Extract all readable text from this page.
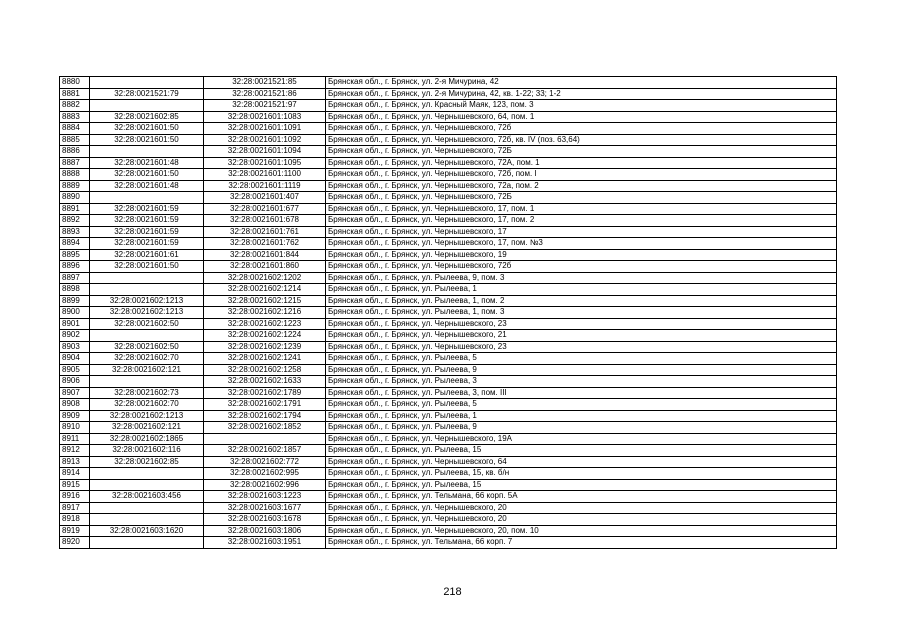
8880		32:28:0021521:85	Брянская обл., г. Брянск, ул. 2-я Мичурина, 42
8881	32:28:0021521:79	32:28:0021521:86	Брянская обл., г. Брянск, ул. 2-я Мичурина, 42, кв. 1-22; 33; 1-2
8882		32:28:0021521:97	Брянская обл., г. Брянск, ул. Красный Маяк, 123, пом. 3
8883	32:28:0021602:85	32:28:0021601:1083	Брянская обл., г. Брянск, ул. Чернышевского, 64, пом. 1
8884	32:28:0021601:50	32:28:0021601:1091	Брянская обл., г. Брянск, ул. Чернышевского, 72б
8885	32:28:0021601:50	32:28:0021601:1092	Брянская обл., г. Брянск, ул. Чернышевского, 72б, кв. IV (поз. 63,64)
8886		32:28:0021601:1094	Брянская обл., г. Брянск, ул. Чернышевского, 72Б
8887	32:28:0021601:48	32:28:0021601:1095	Брянская обл., г. Брянск, ул. Чернышевского, 72А, пом. 1
8888	32:28:0021601:50	32:28:0021601:1100	Брянская обл., г. Брянск, ул. Чернышевского, 72б, пом. I
8889	32:28:0021601:48	32:28:0021601:1119	Брянская обл., г. Брянск, ул. Чернышевского, 72а, пом. 2
8890		32:28:0021601:407	Брянская обл., г. Брянск, ул. Чернышевского, 72Б
8891	32:28:0021601:59	32:28:0021601:677	Брянская обл., г. Брянск, ул. Чернышевского, 17, пом. 1
8892	32:28:0021601:59	32:28:0021601:678	Брянская обл., г. Брянск, ул. Чернышевского, 17, пом. 2
8893	32:28:0021601:59	32:28:0021601:761	Брянская обл., г. Брянск, ул. Чернышевского, 17
8894	32:28:0021601:59	32:28:0021601:762	Брянская обл., г. Брянск, ул. Чернышевского, 17, пом. №3
8895	32:28:0021601:61	32:28:0021601:844	Брянская обл., г. Брянск, ул. Чернышевского, 19
8896	32:28:0021601:50	32:28:0021601:860	Брянская обл., г. Брянск, ул. Чернышевского, 72б
8897		32:28:0021602:1202	Брянская обл., г. Брянск, ул. Рылеева, 9, пом. 3
8898		32:28:0021602:1214	Брянская обл., г. Брянск, ул. Рылеева, 1
8899	32:28:0021602:1213	32:28:0021602:1215	Брянская обл., г. Брянск, ул. Рылеева, 1, пом. 2
8900	32:28:0021602:1213	32:28:0021602:1216	Брянская обл., г. Брянск, ул. Рылеева, 1, пом. 3
8901	32:28:0021602:50	32:28:0021602:1223	Брянская обл., г. Брянск, ул. Чернышевского, 23
8902		32:28:0021602:1224	Брянская обл., г. Брянск, ул. Чернышевского, 21
8903	32:28:0021602:50	32:28:0021602:1239	Брянская обл., г. Брянск, ул. Чернышевского, 23
8904	32:28:0021602:70	32:28:0021602:1241	Брянская обл., г. Брянск, ул. Рылеева, 5
8905	32:28:0021602:121	32:28:0021602:1258	Брянская обл., г. Брянск, ул. Рылеева, 9
8906		32:28:0021602:1633	Брянская обл., г. Брянск, ул. Рылеева, 3
8907	32:28:0021602:73	32:28:0021602:1789	Брянская обл., г. Брянск, ул. Рылеева, 3, пом. III
8908	32:28:0021602:70	32:28:0021602:1791	Брянская обл., г. Брянск, ул. Рылеева, 5
8909	32:28:0021602:1213	32:28:0021602:1794	Брянская обл., г. Брянск, ул. Рылеева, 1
8910	32:28:0021602:121	32:28:0021602:1852	Брянская обл., г. Брянск, ул. Рылеева, 9
8911	32:28:0021602:1865		Брянская обл., г. Брянск, ул. Чернышевского, 19А
8912	32:28:0021602:116	32:28:0021602:1857	Брянская обл., г. Брянск, ул. Рылеева, 15
8913	32:28:0021602:85	32:28:0021602:772	Брянская обл., г. Брянск, ул. Чернышевского, 64
8914		32:28:0021602:995	Брянская обл., г. Брянск, ул. Рылеева, 15, кв. б/н
8915		32:28:0021602:996	Брянская обл., г. Брянск, ул. Рылеева, 15
8916	32:28:0021603:456	32:28:0021603:1223	Брянская обл., г. Брянск, ул. Тельмана, 66 корп. 5А
8917		32:28:0021603:1677	Брянская обл., г. Брянск, ул. Чернышевского, 20
8918		32:28:0021603:1678	Брянская обл., г. Брянск, ул. Чернышевского, 20
8919	32:28:0021603:1620	32:28:0021603:1806	Брянская обл., г. Брянск, ул. Чернышевского, 20, пом. 10
8920		32:28:0021603:1951	Брянская обл., г. Брянск, ул. Тельмана, 66 корп. 7
218
